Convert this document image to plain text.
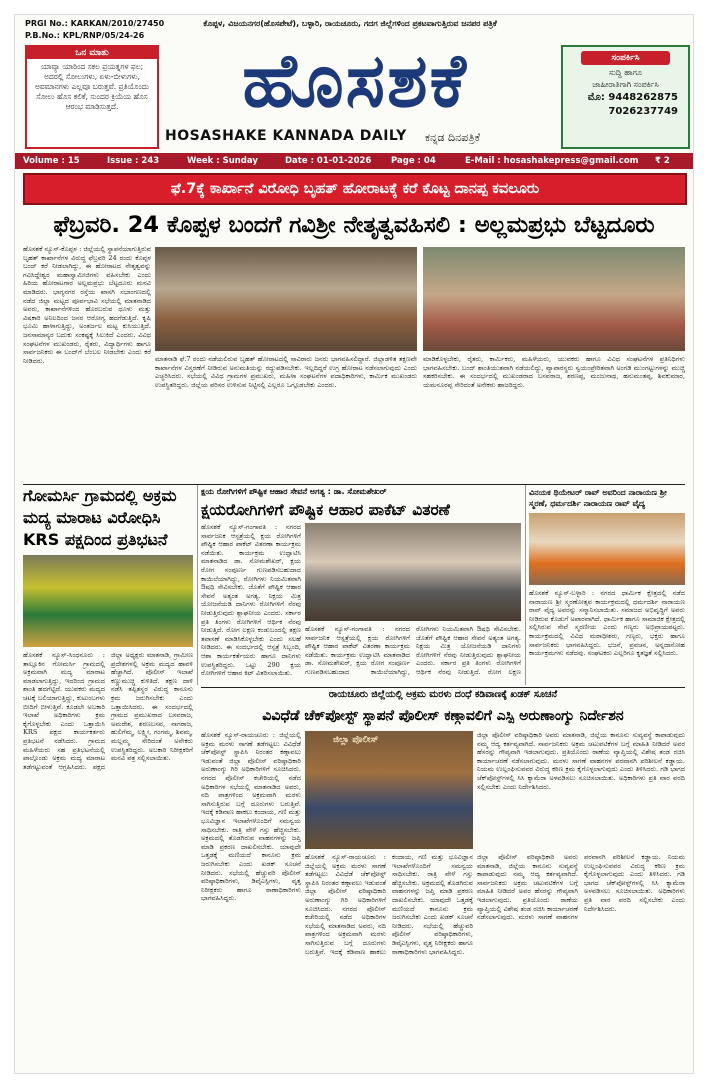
PRGI No.: KARKAN/2010/27450
P.B.No.: KPL/RNP/05/24-26
ಕೊಪ್ಪಳ, ವಿಜಯನಗರ(ಹೊಸಪೇಟೆ), ಬಳ್ಳಾರಿ, ರಾಯಚೂರು, ಗದಗ ಜಿಲ್ಲೆಗಳಿಂದ ಪ್ರಕಟವಾಗುತ್ತಿರುವ ಜನಪರ ಪತ್ರಿಕೆ
ಒನ ಮಾತು
ಯಾವ್ಯಾ ಯಾರಿಂದ ಸಕಲ ಪ್ರಯತ್ನಗಳ ಫಲ; ಅದರಲ್ಲಿ ಸೋಲುಗಳು, ಏಳು-ಬೀಳುಗಳು, ಅವಮಾನಗಳು ಎಲ್ಲವೂ ಬರುತ್ತವೆ. ಪ್ರತಿಯೊಂದು ಸೋಲು ಹೊಸ ಕಲಿಕೆ, ಸುಂದರ ಕ್ರಿಯೆಯ ಹೊಸ ಆರಂಭ ಮಾಡಿಸುತ್ತದೆ.	ಹೊಸಶಕೆ
HOSASHAKE KANNADA DAILY ಕನ್ನಡ ದಿನಪತ್ರಿಕೆ
ಸಂಪರ್ಕಿಸಿ
ಸುದ್ದಿ ಹಾಗೂ
ಜಾಹೀರಾತಿಗಾಗಿ ಸಂಪರ್ಕಿಸಿ
ಮೊ: 9448262875
7026237749
Volume : 15	Issue : 243	Week : Sunday	Date : 01-01-2026 Page : 04	E-Mail : hosashakepress@gmail.com ₹ 2
ಫೆ.7ಕ್ಕೆ ಕಾರ್ಖಾನೆ ವಿರೋಧಿ ಬೃಹತ್ ಹೋರಾಟಕ್ಕೆ ಕರೆ ಕೊಟ್ಟ ದಾನಪ್ಪ ಕವಲೂರು
ಫೆಬ್ರವರಿ. 24 ಕೊಪ್ಪಳ ಬಂದಗೆ ಗವಿಶ್ರೀ ನೇತೃತ್ವವಹಿಸಲಿ : ಅಲ್ಲಮಪ್ರಭು ಬೆಟ್ಟದೂರು
ಹೊಸಶಕೆ ನ್ಯೂಸ್-ಕೊಪ್ಪಳ : ಜಿಲ್ಲೆಯಲ್ಲಿ ಸ್ಥಾಪನೆಯಾಗುತ್ತಿರುವ ಬೃಹತ್ ಕಾರ್ಖಾನೆಗಳ ವಿರುದ್ಧ ಫೆಬ್ರವರಿ 24 ರಂದು ಕೊಪ್ಪಳ ಬಂದ್ ಕರೆ ನೀಡಲಾಗಿದ್ದು, ಈ ಹೋರಾಟದ ನೇತೃತ್ವವನ್ನು ಗವಿಸಿದ್ದೇಶ್ವರ ಮಹಾಸ್ವಾಮೀಜಿಗಳು ವಹಿಸಬೇಕು ಎಂದು ಹಿರಿಯ ಹೋರಾಟಗಾರ ಅಲ್ಲಮಪ್ರಭು ಬೆಟ್ಟದೂರು ಮನವಿ ಮಾಡಿದರು. ಭಾಗ್ಯನಗರ ರಸ್ತೆಯ ಖಾಸಗಿ ಸಭಾಂಗಣದಲ್ಲಿ ನಡೆದ ಜಿಲ್ಲಾ ಮಟ್ಟದ ಪೂರ್ವಭಾವಿ ಸಭೆಯಲ್ಲಿ ಮಾತನಾಡಿದ ಅವರು, ಕಾರ್ಖಾನೆಗಳಿಂದ ಹೊರಬರುವ ಧೂಳು ಮತ್ತು ವಿಷಕಾರಿ ಅನಿಲದಿಂದ ಜನರ ಆರೋಗ್ಯ ಹದಗೆಡುತ್ತಿದೆ. ಕೃಷಿ ಭೂಮಿ ಹಾಳಾಗುತ್ತಿದ್ದು, ಅಂತರ್ಜಲ ಮಟ್ಟ ಕುಸಿಯುತ್ತಿದೆ. ಜನಸಾಮಾನ್ಯರ ಬದುಕು ಸಂಕಷ್ಟಕ್ಕೆ ಸಿಲುಕಿದೆ ಎಂದರು. ವಿವಿಧ ಸಂಘಟನೆಗಳ ಮುಖಂಡರು, ರೈತರು, ವಿದ್ಯಾರ್ಥಿಗಳು ಹಾಗೂ ಸಾರ್ವಜನಿಕರು ಈ ಬಂದ್‌ಗೆ ಬೆಂಬಲ ನೀಡಬೇಕು ಎಂದು ಕರೆ ನೀಡಿದರು.	ಮಾತನಾಡಿ ಫೆ.7 ರಂದು ನಡೆಯಲಿರುವ ಬೃಹತ್ ಹೋರಾಟದಲ್ಲಿ ಸಾವಿರಾರು ಜನರು ಭಾಗವಹಿಸಲಿದ್ದಾರೆ. ಜಿಲ್ಲಾಡಳಿತ ತಕ್ಷಣವೇ ಕಾರ್ಖಾನೆಗಳ ವಿಸ್ತರಣೆಗೆ ನೀಡಿರುವ ಅನುಮತಿಯನ್ನು ರದ್ದುಪಡಿಸಬೇಕು. ಇಲ್ಲದಿದ್ದರೆ ಉಗ್ರ ಹೋರಾಟ ನಡೆಸಲಾಗುವುದು ಎಂದು ಎಚ್ಚರಿಸಿದರು. ಸಭೆಯಲ್ಲಿ ವಿವಿಧ ಗ್ರಾಮಗಳ ಪ್ರಮುಖರು, ಮಹಿಳಾ ಸಂಘಟನೆಗಳ ಪದಾಧಿಕಾರಿಗಳು, ಕಾರ್ಮಿಕ ಮುಖಂಡರು ಉಪಸ್ಥಿತರಿದ್ದರು. ಜಿಲ್ಲೆಯ ಪರಿಸರ ಉಳಿಸುವ ನಿಟ್ಟಿನಲ್ಲಿ ಎಲ್ಲರೂ ಒಗ್ಗೂಡಬೇಕು ಎಂದರು.
ಮಾಡಿಕೊಳ್ಳಬೇಕು, ರೈತರು, ಕಾರ್ಮಿಕರು, ಮಹಿಳೆಯರು, ಯುವಕರು ಹಾಗೂ ವಿವಿಧ ಸಂಘಟನೆಗಳ ಪ್ರತಿನಿಧಿಗಳು ಭಾಗವಹಿಸಬೇಕು. ಬಂದ್ ಶಾಂತಿಯುತವಾಗಿ ನಡೆಯಲಿದ್ದು, ವ್ಯಾಪಾರಸ್ಥರು ಸ್ವಯಂಪ್ರೇರಿತವಾಗಿ ಅಂಗಡಿ ಮುಂಗಟ್ಟುಗಳನ್ನು ಮುಚ್ಚಿ ಸಹಕರಿಸಬೇಕು. ಈ ಸಂದರ್ಭದಲ್ಲಿ ಮುಖಂಡರಾದ ಬಸವರಾಜ, ಶರಣಪ್ಪ, ಮಂಜುನಾಥ, ಹನುಮಂತಪ್ಪ, ಶಿವಕುಮಾರ, ಯಮನೂರಪ್ಪ ಸೇರಿದಂತೆ ಅನೇಕರು ಹಾಜರಿದ್ದರು.
ಗೋಮರ್ಸಿ ಗ್ರಾಮದಲ್ಲಿ ಅಕ್ರಮ ಮದ್ಯ ಮಾರಾಟ ವಿರೋಧಿಸಿ KRS ಪಕ್ಷದಿಂದ ಪ್ರತಿಭಟನೆ
ಹೊಸಶಕೆ ನ್ಯೂಸ್-ಸಿಂಧನೂರು : ತಾಲ್ಲೂಕಿನ ಗೋಮರ್ಸಿ ಗ್ರಾಮದಲ್ಲಿ ಅಕ್ರಮವಾಗಿ ಮದ್ಯ ಮಾರಾಟ ಮಾಡಲಾಗುತ್ತಿದ್ದು, ಇದರಿಂದ ಗ್ರಾಮದ ಶಾಂತಿ ಹದಗೆಟ್ಟಿದೆ. ಯುವಕರು ಮದ್ಯದ ಚಟಕ್ಕೆ ಬಲಿಯಾಗುತ್ತಿದ್ದು, ಕುಟುಂಬಗಳು ಬೀದಿಗೆ ಬೀಳುತ್ತಿವೆ. ಕೂಡಲೇ ಅಬಕಾರಿ ಇಲಾಖೆ ಅಧಿಕಾರಿಗಳು ಕ್ರಮ ಕೈಗೊಳ್ಳಬೇಕು ಎಂದು ಒತ್ತಾಯಿಸಿ KRS ಪಕ್ಷದ ಕಾರ್ಯಕರ್ತರು ಪ್ರತಿಭಟನೆ ನಡೆಸಿದರು. ಗ್ರಾಮದ ಮಹಿಳೆಯರು ಸಹ ಪ್ರತಿಭಟನೆಯಲ್ಲಿ ಪಾಲ್ಗೊಂಡು ಅಕ್ರಮ ಮದ್ಯ ಮಾರಾಟ ತಡೆಗಟ್ಟುವಂತೆ ಆಗ್ರಹಿಸಿದರು. ಪಕ್ಷದ ಜಿಲ್ಲಾ ಅಧ್ಯಕ್ಷರು ಮಾತನಾಡಿ, ಗ್ರಾಮೀಣ ಪ್ರದೇಶಗಳಲ್ಲಿ ಅಕ್ರಮ ಮದ್ಯದ ಹಾವಳಿ ಹೆಚ್ಚಾಗಿದೆ. ಪೊಲೀಸ್ ಇಲಾಖೆ ಕಣ್ಣುಮುಚ್ಚಿ ಕುಳಿತಿದೆ. ತಕ್ಷಣ ದಾಳಿ ನಡೆಸಿ ತಪ್ಪಿತಸ್ಥರ ವಿರುದ್ಧ ಕಾನೂನು ಕ್ರಮ ಜರುಗಿಸಬೇಕು ಎಂದು ಒತ್ತಾಯಿಸಿದರು. ಈ ಸಂದರ್ಭದಲ್ಲಿ ಗ್ರಾಮದ ಪ್ರಮುಖರಾದ ಬಸವರಾಜ, ಅಮರೇಶ, ಶರಣಬಸವ, ನಾಗರಾಜ, ಹುಲಿಗೆಮ್ಮ, ಲಕ್ಷ್ಮೀ, ಗಂಗಮ್ಮ, ಶಿವಮ್ಮ, ಮಲ್ಲಮ್ಮ ಸೇರಿದಂತೆ ಅನೇಕರು ಉಪಸ್ಥಿತರಿದ್ದರು. ಅಬಕಾರಿ ನಿರೀಕ್ಷಕರಿಗೆ ಮನವಿ ಪತ್ರ ಸಲ್ಲಿಸಲಾಯಿತು.
ಕ್ಷಯ ರೋಗಿಗಳಿಗೆ ಪೌಷ್ಟಿಕ ಆಹಾರ ಸೇವನೆ ಅಗತ್ಯ : ಡಾ. ಸೋಮಶೇಖರ್
ಕ್ಷಯರೋಗಿಗಳಿಗೆ ಪೌಷ್ಟಿಕ ಆಹಾರ ಪಾಕೆಟ್ ವಿತರಣೆ
ಹೊಸಶಕೆ ನ್ಯೂಸ್-ಗಂಗಾವತಿ : ನಗರದ ಸಾರ್ವಜನಿಕ ಆಸ್ಪತ್ರೆಯಲ್ಲಿ ಕ್ಷಯ ರೋಗಿಗಳಿಗೆ ಪೌಷ್ಟಿಕ ಆಹಾರ ಪಾಕೆಟ್ ವಿತರಣಾ ಕಾರ್ಯಕ್ರಮ ನಡೆಯಿತು. ಕಾರ್ಯಕ್ರಮ ಉದ್ಘಾಟಿಸಿ ಮಾತನಾಡಿದ ಡಾ. ಸೋಮಶೇಖರ್, ಕ್ಷಯ ರೋಗ ಸಂಪೂರ್ಣ ಗುಣಪಡಿಸಬಹುದಾದ ಕಾಯಿಲೆಯಾಗಿದ್ದು, ರೋಗಿಗಳು ನಿಯಮಿತವಾಗಿ ಔಷಧಿ ಸೇವಿಸಬೇಕು. ಜೊತೆಗೆ ಪೌಷ್ಟಿಕ ಆಹಾರ ಸೇವನೆ ಅತ್ಯಂತ ಅಗತ್ಯ. ನಿಕ್ಷಯ ಮಿತ್ರ ಯೋಜನೆಯಡಿ ದಾನಿಗಳು ರೋಗಿಗಳಿಗೆ ನೆರವು ನೀಡುತ್ತಿರುವುದು ಶ್ಲಾಘನೀಯ ಎಂದರು. ಸರ್ಕಾರ ಪ್ರತಿ ತಿಂಗಳು ರೋಗಿಗಳಿಗೆ ಆರ್ಥಿಕ ನೆರವು ನೀಡುತ್ತಿದೆ. ರೋಗ ಲಕ್ಷಣ ಕಂಡುಬಂದಲ್ಲಿ ತಕ್ಷಣ ತಪಾಸಣೆ ಮಾಡಿಸಿಕೊಳ್ಳಬೇಕು ಎಂದು ಸಲಹೆ ನೀಡಿದರು. ಈ ಸಂದರ್ಭದಲ್ಲಿ ಆಸ್ಪತ್ರೆ ಸಿಬ್ಬಂದಿ, ಆಶಾ ಕಾರ್ಯಕರ್ತೆಯರು ಹಾಗೂ ದಾನಿಗಳು ಉಪಸ್ಥಿತರಿದ್ದರು. ಒಟ್ಟು 290 ಕ್ಷಯ ರೋಗಿಗಳಿಗೆ ಆಹಾರ ಕಿಟ್ ವಿತರಿಸಲಾಯಿತು.
ಹೊಸಶಕೆ ನ್ಯೂಸ್-ಗಂಗಾವತಿ : ನಗರದ ಸಾರ್ವಜನಿಕ ಆಸ್ಪತ್ರೆಯಲ್ಲಿ ಕ್ಷಯ ರೋಗಿಗಳಿಗೆ ಪೌಷ್ಟಿಕ ಆಹಾರ ಪಾಕೆಟ್ ವಿತರಣಾ ಕಾರ್ಯಕ್ರಮ ನಡೆಯಿತು. ಕಾರ್ಯಕ್ರಮ ಉದ್ಘಾಟಿಸಿ ಮಾತನಾಡಿದ ಡಾ. ಸೋಮಶೇಖರ್, ಕ್ಷಯ ರೋಗ ಸಂಪೂರ್ಣ ಗುಣಪಡಿಸಬಹುದಾದ ಕಾಯಿಲೆಯಾಗಿದ್ದು, ರೋಗಿಗಳು ನಿಯಮಿತವಾಗಿ ಔಷಧಿ ಸೇವಿಸಬೇಕು. ಜೊತೆಗೆ ಪೌಷ್ಟಿಕ ಆಹಾರ ಸೇವನೆ ಅತ್ಯಂತ ಅಗತ್ಯ. ನಿಕ್ಷಯ ಮಿತ್ರ ಯೋಜನೆಯಡಿ ದಾನಿಗಳು ರೋಗಿಗಳಿಗೆ ನೆರವು ನೀಡುತ್ತಿರುವುದು ಶ್ಲಾಘನೀಯ ಎಂದರು. ಸರ್ಕಾರ ಪ್ರತಿ ತಿಂಗಳು ರೋಗಿಗಳಿಗೆ ಆರ್ಥಿಕ ನೆರವು ನೀಡುತ್ತಿದೆ. ರೋಗ ಲಕ್ಷಣ
ವಿನಯಕ ಥಿಯೇಟರ್ ರಾವ್ ಅವರಿಂದ ನಾರಾಯಣ ಶ್ರೀ ಸ್ಮರಣೆ, ಧರ್ಮದರ್ಶಿ ನಾರಾಯಣ ರಾವ್ ವೈದ್ಯ
ಹೊಸಶಕೆ ನ್ಯೂಸ್-ಬಳ್ಳಾರಿ : ನಗರದ ಧಾರ್ಮಿಕ ಕ್ಷೇತ್ರದಲ್ಲಿ ನಡೆದ ನಾರಾಯಣ ಶ್ರೀ ಸ್ಮರಣೋತ್ಸವ ಕಾರ್ಯಕ್ರಮದಲ್ಲಿ ಧರ್ಮದರ್ಶಿ ನಾರಾಯಣ ರಾವ್ ವೈದ್ಯ ಅವರನ್ನು ಸನ್ಮಾನಿಸಲಾಯಿತು. ಸಮಾಜದ ಅಭಿವೃದ್ಧಿಗೆ ಅವರು ನೀಡಿರುವ ಕೊಡುಗೆ ಅಪಾರವಾಗಿದೆ. ಧಾರ್ಮಿಕ ಹಾಗೂ ಸಾಮಾಜಿಕ ಕ್ಷೇತ್ರದಲ್ಲಿ ಸಲ್ಲಿಸಿರುವ ಸೇವೆ ಸ್ಮರಣೀಯ ಎಂದು ಗಣ್ಯರು ಅಭಿಪ್ರಾಯಪಟ್ಟರು. ಕಾರ್ಯಕ್ರಮದಲ್ಲಿ ವಿವಿಧ ಮಠಾಧೀಶರು, ಗಣ್ಯರು, ಭಕ್ತರು ಹಾಗೂ ಸಾರ್ವಜನಿಕರು ಭಾಗವಹಿಸಿದ್ದರು. ಭಜನೆ, ಪ್ರವಚನ, ಅನ್ನದಾಸೋಹ ಕಾರ್ಯಕ್ರಮಗಳು ನಡೆದವು. ಸಂಘಟಕರು ಎಲ್ಲರಿಗೂ ಕೃತಜ್ಞತೆ ಸಲ್ಲಿಸಿದರು.
ರಾಯಚೂರು ಜಿಲ್ಲೆಯಲ್ಲಿ ಅಕ್ರಮ ಮರಳು ದಂಧೆ ಕಡಿವಾಣಕ್ಕೆ ಖಡಕ್ ಸೂಚನೆ
ವಿವಿಧೆಡೆ ಚೆಕ್‌ಪೋಸ್ಟ್ ಸ್ಥಾಪನೆ ಪೊಲೀಸ್ ಕಣ್ಗಾವಲಿಗೆ ಎಸ್ಪಿ ಅರುಣಾಂಗ್ಶು ನಿರ್ದೇಶನ
ಹೊಸಶಕೆ ನ್ಯೂಸ್-ರಾಯಚೂರು : ಜಿಲ್ಲೆಯಲ್ಲಿ ಅಕ್ರಮ ಮರಳು ಸಾಗಣೆ ತಡೆಗಟ್ಟಲು ವಿವಿಧೆಡೆ ಚೆಕ್‌ಪೋಸ್ಟ್ ಸ್ಥಾಪಿಸಿ ನಿರಂತರ ಕಣ್ಗಾವಲು ಇಡುವಂತೆ ಜಿಲ್ಲಾ ಪೊಲೀಸ್ ವರಿಷ್ಠಾಧಿಕಾರಿ ಅರುಣಾಂಗ್ಶು ಗಿರಿ ಅಧಿಕಾರಿಗಳಿಗೆ ಸೂಚಿಸಿದರು. ನಗರದ ಪೊಲೀಸ್ ಕಚೇರಿಯಲ್ಲಿ ನಡೆದ ಅಧಿಕಾರಿಗಳ ಸಭೆಯಲ್ಲಿ ಮಾತನಾಡಿದ ಅವರು, ನದಿ ಪಾತ್ರಗಳಿಂದ ಅಕ್ರಮವಾಗಿ ಮರಳು ಸಾಗಿಸುತ್ತಿರುವ ಬಗ್ಗೆ ದೂರುಗಳು ಬರುತ್ತಿವೆ. ಇದಕ್ಕೆ ಕಡಿವಾಣ ಹಾಕಲು ಕಂದಾಯ, ಗಣಿ ಮತ್ತು ಭೂವಿಜ್ಞಾನ ಇಲಾಖೆಗಳೊಂದಿಗೆ ಸಮನ್ವಯ ಸಾಧಿಸಬೇಕು. ರಾತ್ರಿ ವೇಳೆ ಗಸ್ತು ಹೆಚ್ಚಿಸಬೇಕು. ಅಕ್ರಮದಲ್ಲಿ ತೊಡಗಿರುವ ವಾಹನಗಳನ್ನು ಜಪ್ತಿ ಮಾಡಿ ಪ್ರಕರಣ ದಾಖಲಿಸಬೇಕು. ಯಾವುದೇ ಒತ್ತಡಕ್ಕೆ ಮಣಿಯದೆ ಕಾನೂನು ಕ್ರಮ ಜರುಗಿಸಬೇಕು ಎಂದು ಖಡಕ್ ಸೂಚನೆ ನೀಡಿದರು. ಸಭೆಯಲ್ಲಿ ಹೆಚ್ಚುವರಿ ಪೊಲೀಸ್ ವರಿಷ್ಠಾಧಿಕಾರಿಗಳು, ಡಿವೈಎಸ್ಪಿಗಳು, ವೃತ್ತ ನಿರೀಕ್ಷಕರು ಹಾಗೂ ಠಾಣಾಧಿಕಾರಿಗಳು ಭಾಗವಹಿಸಿದ್ದರು.
ಜಿಲ್ಲಾ ಪೊಲೀಸ್
ಹೊಸಶಕೆ ನ್ಯೂಸ್-ರಾಯಚೂರು : ಜಿಲ್ಲೆಯಲ್ಲಿ ಅಕ್ರಮ ಮರಳು ಸಾಗಣೆ ತಡೆಗಟ್ಟಲು ವಿವಿಧೆಡೆ ಚೆಕ್‌ಪೋಸ್ಟ್ ಸ್ಥಾಪಿಸಿ ನಿರಂತರ ಕಣ್ಗಾವಲು ಇಡುವಂತೆ ಜಿಲ್ಲಾ ಪೊಲೀಸ್ ವರಿಷ್ಠಾಧಿಕಾರಿ ಅರುಣಾಂಗ್ಶು ಗಿರಿ ಅಧಿಕಾರಿಗಳಿಗೆ ಸೂಚಿಸಿದರು. ನಗರದ ಪೊಲೀಸ್ ಕಚೇರಿಯಲ್ಲಿ ನಡೆದ ಅಧಿಕಾರಿಗಳ ಸಭೆಯಲ್ಲಿ ಮಾತನಾಡಿದ ಅವರು, ನದಿ ಪಾತ್ರಗಳಿಂದ ಅಕ್ರಮವಾಗಿ ಮರಳು ಸಾಗಿಸುತ್ತಿರುವ ಬಗ್ಗೆ ದೂರುಗಳು ಬರುತ್ತಿವೆ. ಇದಕ್ಕೆ ಕಡಿವಾಣ ಹಾಕಲು ಕಂದಾಯ, ಗಣಿ ಮತ್ತು ಭೂವಿಜ್ಞಾನ ಇಲಾಖೆಗಳೊಂದಿಗೆ ಸಮನ್ವಯ ಸಾಧಿಸಬೇಕು. ರಾತ್ರಿ ವೇಳೆ ಗಸ್ತು ಹೆಚ್ಚಿಸಬೇಕು. ಅಕ್ರಮದಲ್ಲಿ ತೊಡಗಿರುವ ವಾಹನಗಳನ್ನು ಜಪ್ತಿ ಮಾಡಿ ಪ್ರಕರಣ ದಾಖಲಿಸಬೇಕು. ಯಾವುದೇ ಒತ್ತಡಕ್ಕೆ ಮಣಿಯದೆ ಕಾನೂನು ಕ್ರಮ ಜರುಗಿಸಬೇಕು ಎಂದು ಖಡಕ್ ಸೂಚನೆ ನೀಡಿದರು. ಸಭೆಯಲ್ಲಿ ಹೆಚ್ಚುವರಿ ಪೊಲೀಸ್ ವರಿಷ್ಠಾಧಿಕಾರಿಗಳು, ಡಿವೈಎಸ್ಪಿಗಳು, ವೃತ್ತ ನಿರೀಕ್ಷಕರು ಹಾಗೂ ಠಾಣಾಧಿಕಾರಿಗಳು ಭಾಗವಹಿಸಿದ್ದರು.
ಜಿಲ್ಲಾ ಪೊಲೀಸ್ ವರಿಷ್ಠಾಧಿಕಾರಿ ಅವರು ಮಾತನಾಡಿ, ಜಿಲ್ಲೆಯ ಕಾನೂನು ಸುವ್ಯವಸ್ಥೆ ಕಾಪಾಡುವುದು ನಮ್ಮ ಆದ್ಯ ಕರ್ತವ್ಯವಾಗಿದೆ. ಸಾರ್ವಜನಿಕರು ಅಕ್ರಮ ಚಟುವಟಿಕೆಗಳ ಬಗ್ಗೆ ಮಾಹಿತಿ ನೀಡಿದರೆ ಅವರ ಹೆಸರನ್ನು ಗೌಪ್ಯವಾಗಿ ಇಡಲಾಗುವುದು. ಪ್ರತಿಯೊಂದು ಠಾಣೆಯ ವ್ಯಾಪ್ತಿಯಲ್ಲಿ ವಿಶೇಷ ತಂಡ ರಚಿಸಿ ಕಾರ್ಯಾಚರಣೆ ನಡೆಸಲಾಗುವುದು. ಮರಳು ಸಾಗಣೆ ವಾಹನಗಳ ಪರವಾನಗಿ ಪರಿಶೀಲನೆ ಕಡ್ಡಾಯ. ನಿಯಮ ಉಲ್ಲಂಘಿಸುವವರ ವಿರುದ್ಧ ಕಠಿಣ ಕ್ರಮ ಕೈಗೊಳ್ಳಲಾಗುವುದು ಎಂದು ತಿಳಿಸಿದರು. ಗಡಿ ಭಾಗದ ಚೆಕ್‌ಪೋಸ್ಟ್‌ಗಳಲ್ಲಿ ಸಿಸಿ ಕ್ಯಾಮೆರಾ ಅಳವಡಿಸಲು ಸೂಚಿಸಲಾಯಿತು. ಅಧಿಕಾರಿಗಳು ಪ್ರತಿ ವಾರ ವರದಿ ಸಲ್ಲಿಸಬೇಕು ಎಂದು ನಿರ್ದೇಶಿಸಿದರು.
ಜಿಲ್ಲಾ ಪೊಲೀಸ್ ವರಿಷ್ಠಾಧಿಕಾರಿ ಅವರು ಮಾತನಾಡಿ, ಜಿಲ್ಲೆಯ ಕಾನೂನು ಸುವ್ಯವಸ್ಥೆ ಕಾಪಾಡುವುದು ನಮ್ಮ ಆದ್ಯ ಕರ್ತವ್ಯವಾಗಿದೆ. ಸಾರ್ವಜನಿಕರು ಅಕ್ರಮ ಚಟುವಟಿಕೆಗಳ ಬಗ್ಗೆ ಮಾಹಿತಿ ನೀಡಿದರೆ ಅವರ ಹೆಸರನ್ನು ಗೌಪ್ಯವಾಗಿ ಇಡಲಾಗುವುದು. ಪ್ರತಿಯೊಂದು ಠಾಣೆಯ ವ್ಯಾಪ್ತಿಯಲ್ಲಿ ವಿಶೇಷ ತಂಡ ರಚಿಸಿ ಕಾರ್ಯಾಚರಣೆ ನಡೆಸಲಾಗುವುದು. ಮರಳು ಸಾಗಣೆ ವಾಹನಗಳ ಪರವಾನಗಿ ಪರಿಶೀಲನೆ ಕಡ್ಡಾಯ. ನಿಯಮ ಉಲ್ಲಂಘಿಸುವವರ ವಿರುದ್ಧ ಕಠಿಣ ಕ್ರಮ ಕೈಗೊಳ್ಳಲಾಗುವುದು ಎಂದು ತಿಳಿಸಿದರು. ಗಡಿ ಭಾಗದ ಚೆಕ್‌ಪೋಸ್ಟ್‌ಗಳಲ್ಲಿ ಸಿಸಿ ಕ್ಯಾಮೆರಾ ಅಳವಡಿಸಲು ಸೂಚಿಸಲಾಯಿತು. ಅಧಿಕಾರಿಗಳು ಪ್ರತಿ ವಾರ ವರದಿ ಸಲ್ಲಿಸಬೇಕು ಎಂದು ನಿರ್ದೇಶಿಸಿದರು.
